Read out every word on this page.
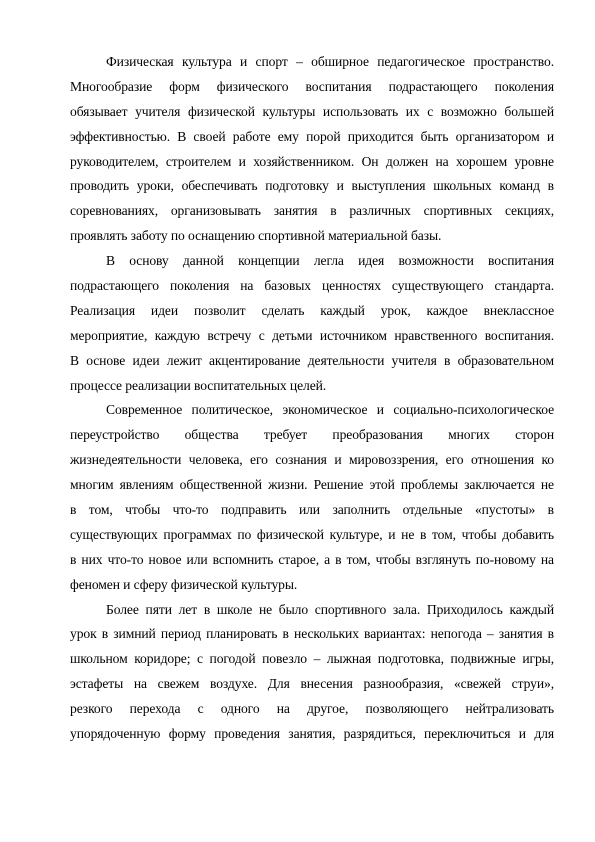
Физическая культура и спорт – обширное педагогическое пространство.
Многообразие форм физического воспитания подрастающего поколения
обязывает учителя физической культуры использовать их с возможно большей
эффективностью. В своей работе ему порой приходится быть организатором и
руководителем, строителем и хозяйственником. Он должен на хорошем уровне
проводить уроки, обеспечивать подготовку и выступления школьных команд в
соревнованиях, организовывать занятия в различных спортивных секциях,
проявлять заботу по оснащению спортивной материальной базы.
В основу данной концепции легла идея возможности воспитания
подрастающего поколения на базовых ценностях существующего стандарта.
Реализация идеи позволит сделать каждый урок, каждое внеклассное
мероприятие, каждую встречу с детьми источником нравственного воспитания.
В основе идеи лежит акцентирование деятельности учителя в образовательном
процессе реализации воспитательных целей.
Современное политическое, экономическое и социально-психологическое
переустройство общества требует преобразования многих сторон
жизнедеятельности человека, его сознания и мировоззрения, его отношения ко
многим явлениям общественной жизни. Решение этой проблемы заключается не
в том, чтобы что-то подправить или заполнить отдельные «пустоты» в
существующих программах по физической культуре, и не в том, чтобы добавить
в них что-то новое или вспомнить старое, а в том, чтобы взглянуть по-новому на
феномен и сферу физической культуры.
Более пяти лет в школе не было спортивного зала. Приходилось каждый
урок в зимний период планировать в нескольких вариантах: непогода – занятия в
школьном коридоре; с погодой повезло – лыжная подготовка, подвижные игры,
эстафеты на свежем воздухе. Для внесения разнообразия, «свежей струи»,
резкого перехода с одного на другое, позволяющего нейтрализовать
упорядоченную форму проведения занятия, разрядиться, переключиться и для
